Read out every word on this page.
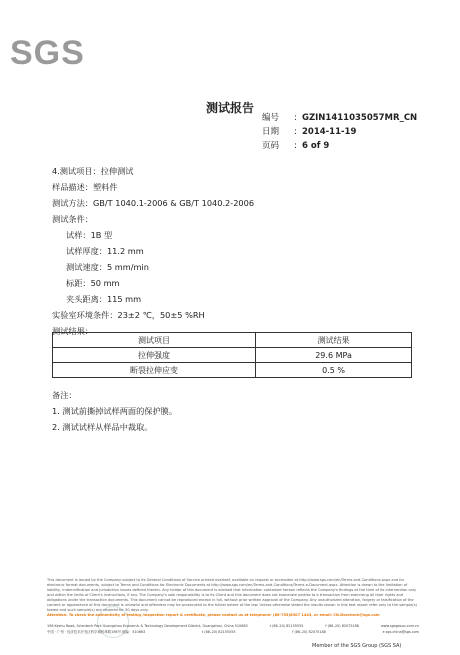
SGS
测试报告
编号	: GZIN1411035057MR_CN
日期	: 2014-11-19
页码	: 6 of 9
4.测试项目：拉伸测试
样品描述：塑料件
测试方法：GB/T 1040.1-2006 & GB/T 1040.2-2006
测试条件：
试样：1B 型
试样厚度：11.2 mm
测试速度：5 mm/min
标距：50 mm
夹头距离：115 mm
实验室环境条件：23±2 ℃，50±5 %RH
测试结果：
测试项目	测试结果
拉伸强度	29.6 MPa
断裂拉伸应变	0.5 %
备注：
1. 测试前撕掉试样两面的保护膜。
2. 测试试样从样品中裁取。
This document is issued by the Company subject to its General Conditions of Service printed overleaf, available on request or accessible at http://www.sgs.com/en/Terms-and-Conditions.aspx and for electronic format documents, subject to Terms and Conditions for Electronic Documents at http://www.sgs.com/en/Terms-and-Conditions/Terms-e-Document.aspx. Attention is drawn to the limitation of liability, indemnification and jurisdiction issues defined therein. Any holder of this document is advised that information contained hereon reflects the Company's findings at the time of its intervention only and within the limits of Client's instructions, if any. The Company's sole responsibility is to its Client and this document does not exonerate parties to a transaction from exercising all their rights and obligations under the transaction documents. This document cannot be reproduced except in full, without prior written approval of the Company. Any unauthorized alteration, forgery or falsification of the content or appearance of this document is unlawful and offenders may be prosecuted to the fullest extent of the law. Unless otherwise stated the results shown in this test report refer only to the sample(s) tested and such sample(s) are retained for 30 days only.
Attention: To check the authenticity of testing /inspection report & certificate, please contact us at telephone: (86-755)8307 1443, or email: CN.Doccheck@sgs.com
198 Kezhu Road, Scientech Park Guangzhou Economic & Technology Development District, Guangzhou, China 510663	t (86–20) 82155555	f (86–20) 82075188	www.sgsgroup.com.cn
中国 · 广州 · 经济技术开发区科学城科珠路198号 邮编：510663	t (86–20) 82155555	f (86–20) 82075188	e sgs.china@sgs.com
Member of the SGS Group (SGS SA)
